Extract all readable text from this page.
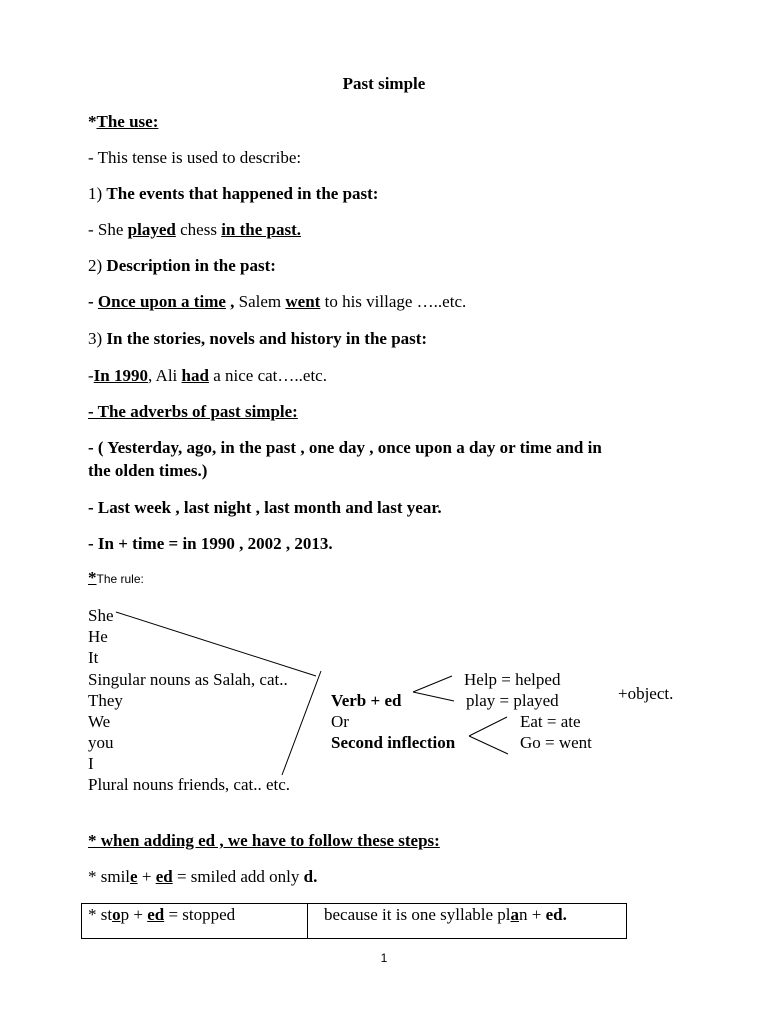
Past simple
*The use:
- This tense is used to describe:
1) The events that happened in the past:
- She played chess in the past.
2) Description in the past:
- Once upon a time , Salem went to his village …..etc.
3) In the stories, novels and history in the past:
-In 1990, Ali had a nice cat…..etc.
- The adverbs of past simple:
- ( Yesterday, ago, in the past , one day , once upon a day or time and in
the olden times.)
- Last week , last night , last month and last year.
- In + time = in 1990 , 2002 , 2013.
*The rule:
She
He
It
Singular nouns as Salah, cat..
They
We
you
I
Plural nouns friends, cat.. etc.
Verb + ed
Or
Second inflection
Help = helped
play = played
Eat = ate
Go = went
+object.
* when adding ed , we have to follow these steps:
* smile + ed = smiled add only d.
* stop + ed = stopped	because it is one syllable plan + ed.
1
